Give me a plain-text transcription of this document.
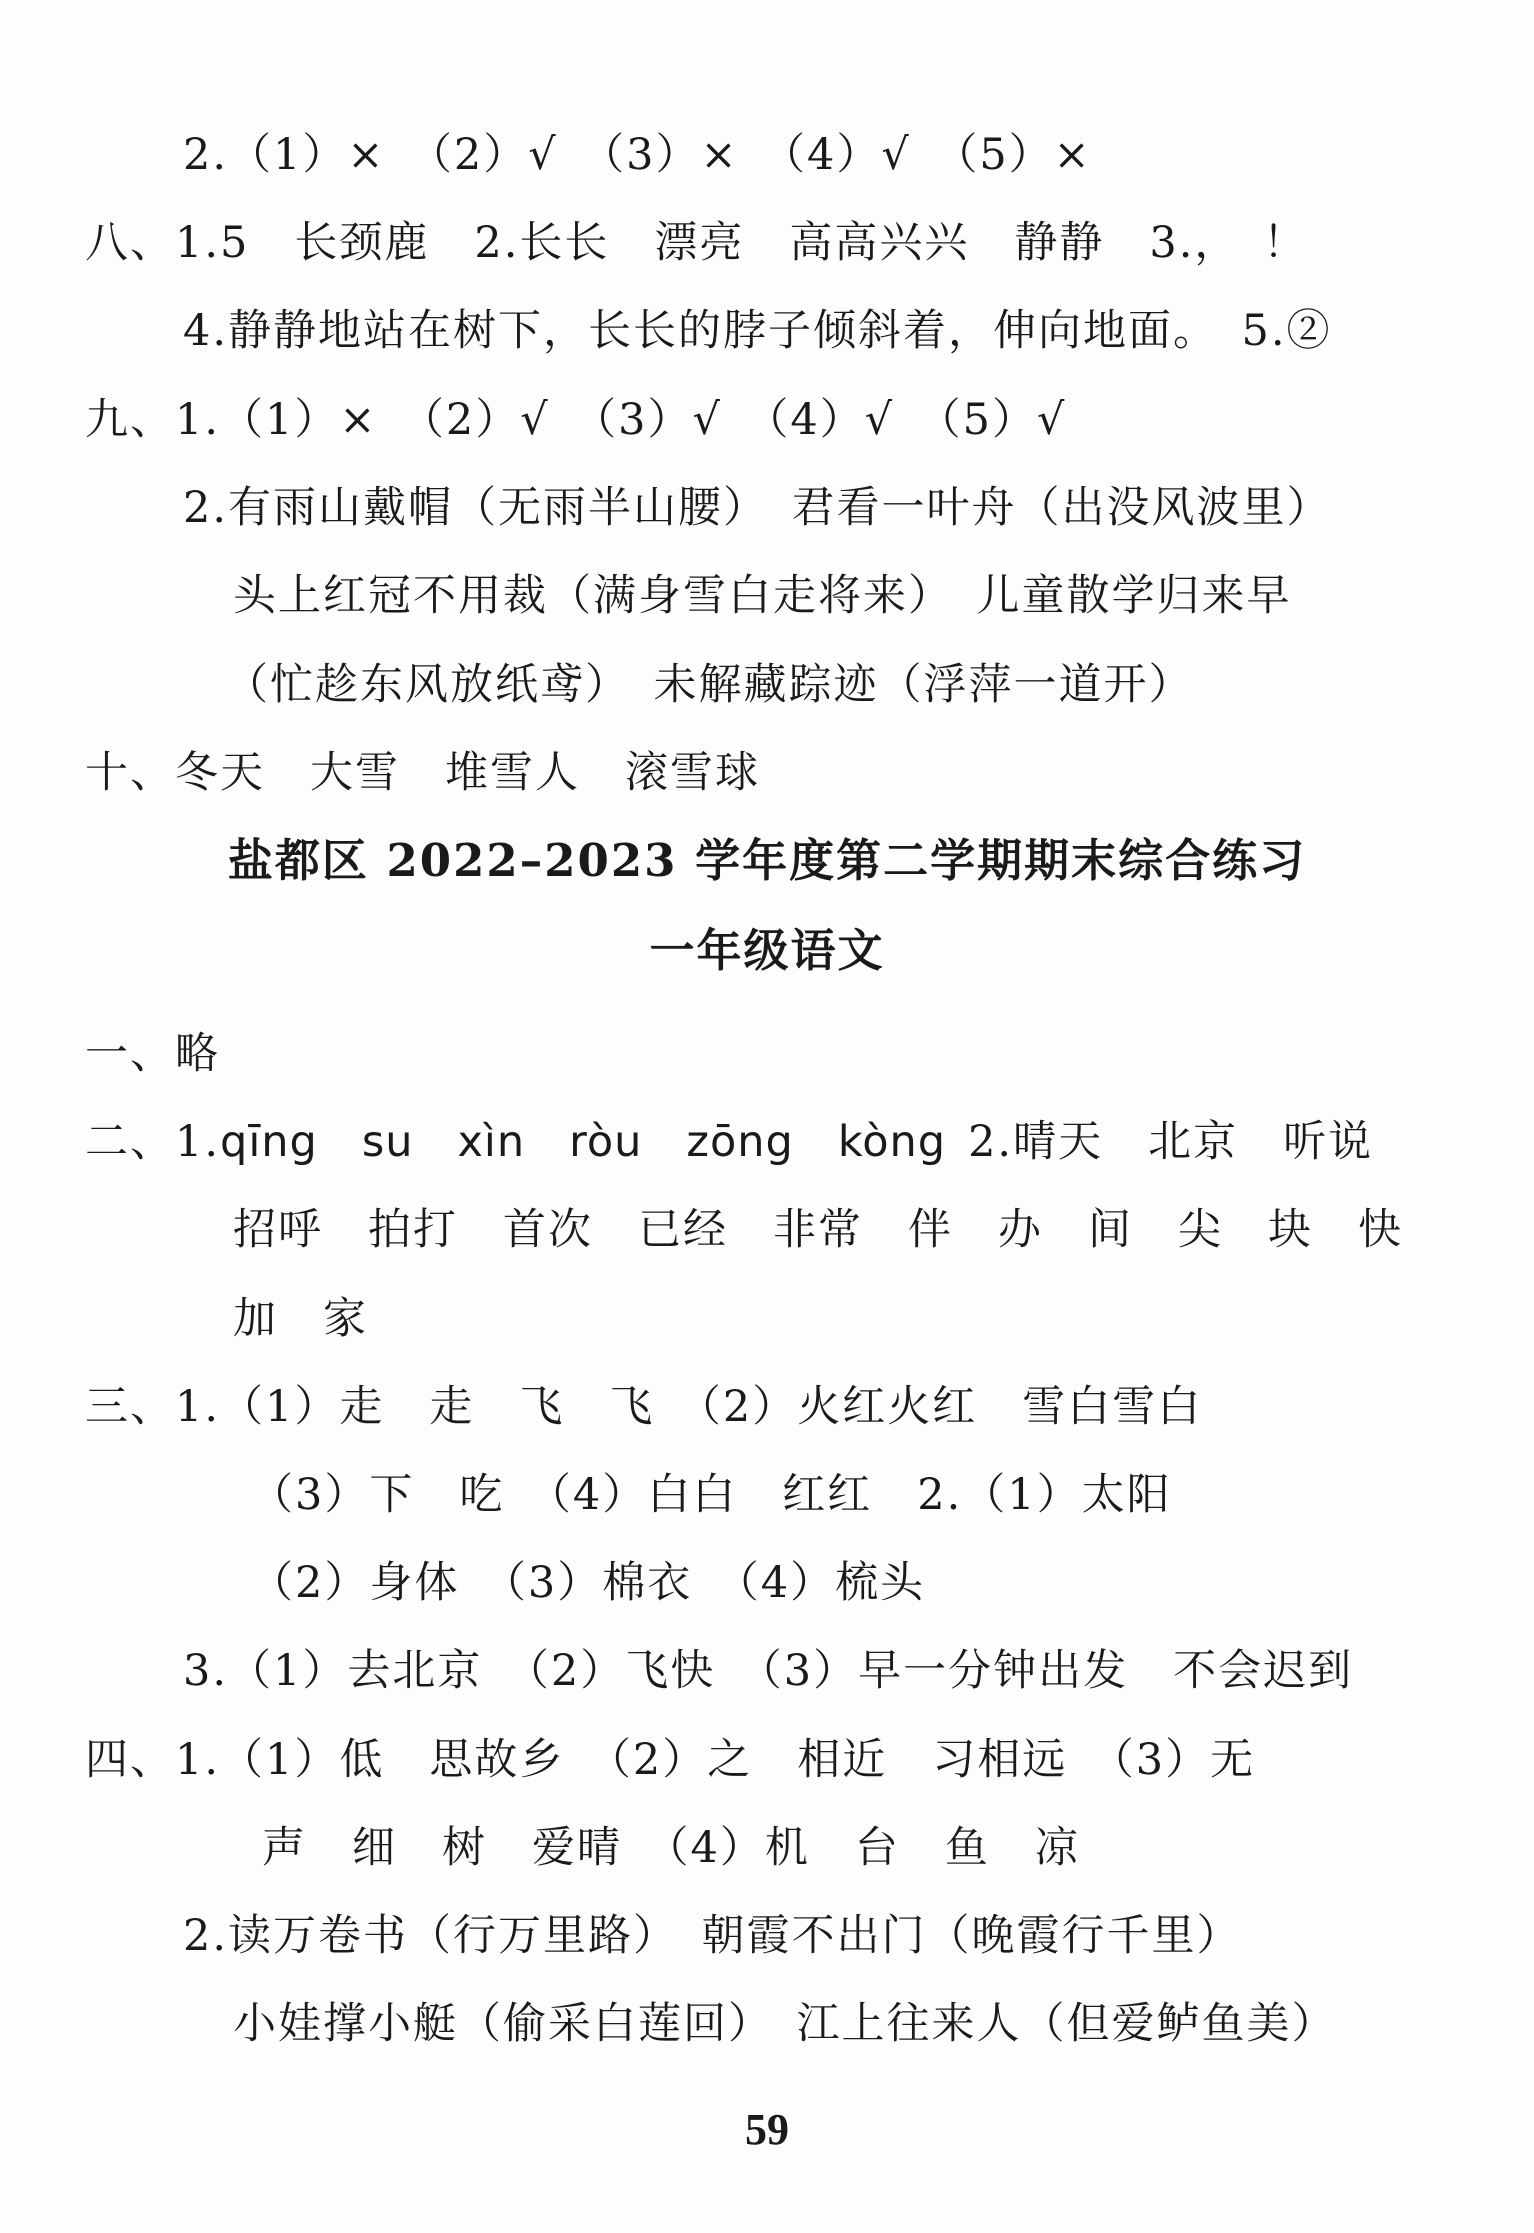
2.（1）×　（2）√　（3）×　（4）√　（5）×
八、1.5　长颈鹿　2.长长　漂亮　高高兴兴　静静　3.，　！
4.静静地站在树下，长长的脖子倾斜着，伸向地面。　5.②
九、1.（1）×　（2）√　（3）√　（4）√　（5）√
2.有雨山戴帽（无雨半山腰）　君看一叶舟（出没风波里）
头上红冠不用裁（满身雪白走将来）　儿童散学归来早
（忙趁东风放纸鸢）　未解藏踪迹（浮萍一道开）
十、冬天　大雪　堆雪人　滚雪球
盐都区 2022–2023 学年度第二学期期末综合练习
一年级语文
一、略
二、1.qīng　su　xìn　ròu　zōng　kòng 2.晴天　北京　听说
招呼　拍打　首次　已经　非常　伴　办　间　尖　块　快
加　家
三、1.（1）走　走　飞　飞　（2）火红火红　雪白雪白
（3）下　吃　（4）白白　红红　2.（1）太阳
（2）身体　（3）棉衣　（4）梳头
3.（1）去北京　（2）飞快　（3）早一分钟出发　不会迟到
四、1.（1）低　思故乡　（2）之　相近　习相远　（3）无
声　细　树　爱晴　（4）机　台　鱼　凉
2.读万卷书（行万里路）　朝霞不出门（晚霞行千里）
小娃撑小艇（偷采白莲回）　江上往来人（但爱鲈鱼美）
59
